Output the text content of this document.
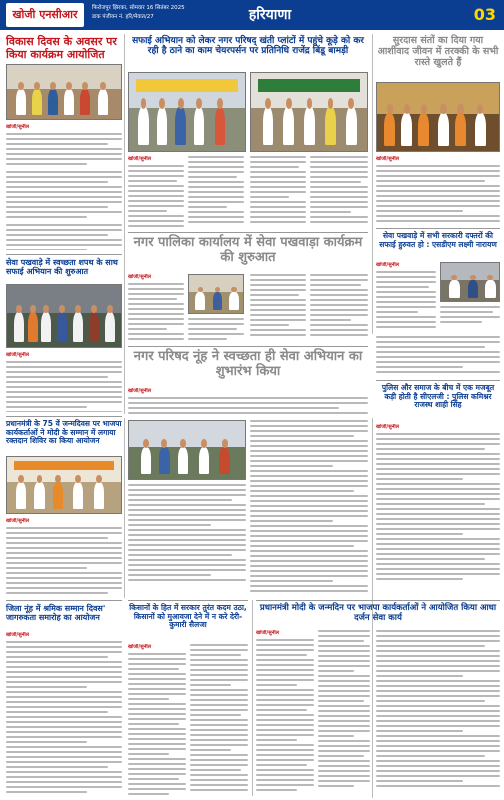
खोजी एनसीआर	फिरोजपुर झिरका, सोमवार 16 सितंबर 2025
डाक पंजीयन नं. हरि/मेवात/27	हरियाणा	03
विकास दिवस के अवसर पर किया कार्यक्रम आयोजित
खोजी/सुनील
सेवा पखवाड़े में स्वच्छता शपथ के साथ सफाई अभियान की शुरुआत
खोजी/सुनील
सफाई अभियान को लेकर नगर परिषद् खंती प्लांटों में पहुंचे कूडे़ को कर रही है ठाने का काम चेयरपर्सन पर प्रतिनिधि राजेंद्र बिंडू बामड़ी
खोजी/सुनील
नगर पालिका कार्यालय में सेवा पखवाड़ा कार्यक्रम की शुरुआत
खोजी/सुनील
नगर परिषद नूंह ने स्वच्छता ही सेवा अभियान का शुभारंभ किया
खोजी/सुनील
सुरदास संतों का दिया गया आर्शीवाद जीवन में तरक्की के सभी रास्ते खुलते हैं
खोजी/सुनील
सेवा पखवाड़े में सभी सरकारी दफ्तरों की सफाई हुरुवत हो : एसडीएम लक्ष्मी नारायण
खोजी/सुनील
प्रधानमंत्री के 75 वें जन्मदिवस पर भाजपा कार्यकर्ताओं ने मोदी के सम्मान में लगाया रक्तदान शिविर का किया आयोजन
खोजी/सुनील
पुलिस और समाज के बीच में एक मजबूत कड़ी होती है सीएलजी : पुलिस कमिश्नर राजस्थ शाही सिंह
खोजी/सुनील
जिला नूंह में श्रमिक सम्मान दिवस' जागरुकता समारोह का आयोजन
खोजी/सुनील
किसानों के हित में सरकार तुरंत कदम उठा, किसानों को मुआवजा देने में न करे देरी-कुमारी सैलजा
खोजी/सुनील
प्रधानमंत्री मोदी के जन्मदिन पर भाजपा कार्यकर्ताओं ने आयोजित किया आधा दर्जन सेवा कार्य
खोजी/सुनील
